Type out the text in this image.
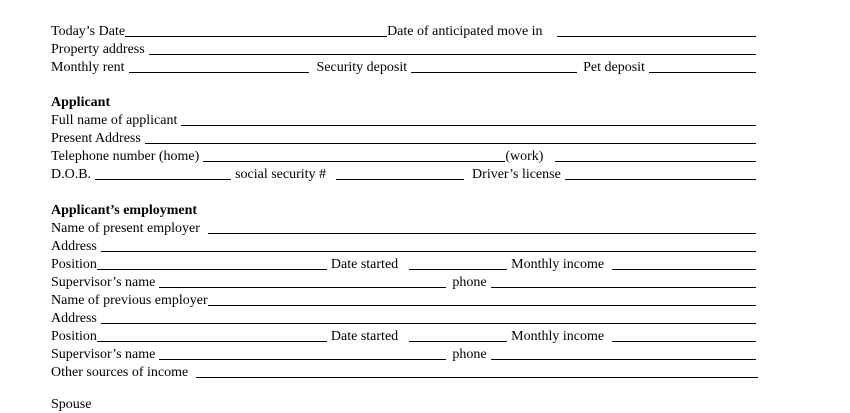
Today’s Date	Date of anticipated move in
Property address
Monthly rent	Security deposit	Pet deposit
Applicant
Full name of applicant
Present Address
Telephone number (home)	(work)
D.O.B.	social security #	Driver’s license
Applicant’s employment
Name of present employer
Address
Position	Date started	Monthly income
Supervisor’s name	phone
Name of previous employer
Address
Position	Date started	Monthly income
Supervisor’s name	phone
Other sources of income
Spouse
